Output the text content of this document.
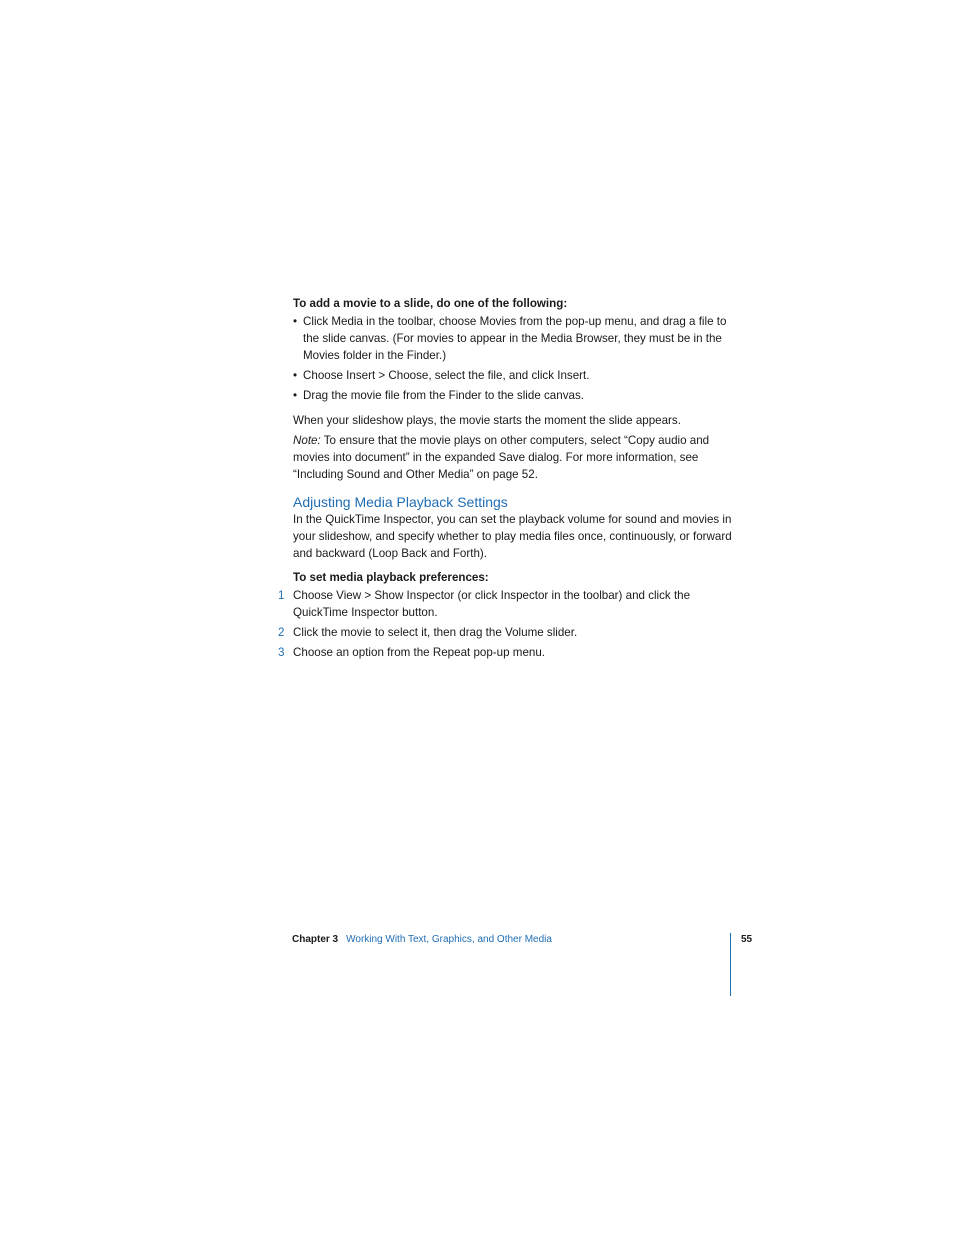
To add a movie to a slide, do one of the following:

• Click Media in the toolbar, choose Movies from the pop-up menu, and drag a file to the slide canvas. (For movies to appear in the Media Browser, they must be in the Movies folder in the Finder.)
• Choose Insert > Choose, select the file, and click Insert.
• Drag the movie file from the Finder to the slide canvas.

When your slideshow plays, the movie starts the moment the slide appears.

Note: To ensure that the movie plays on other computers, select “Copy audio and movies into document” in the expanded Save dialog. For more information, see “Including Sound and Other Media” on page 52.

Adjusting Media Playback Settings

In the QuickTime Inspector, you can set the playback volume for sound and movies in your slideshow, and specify whether to play media files once, continuously, or forward and backward (Loop Back and Forth).

To set media playback preferences:

1 Choose View > Show Inspector (or click Inspector in the toolbar) and click the QuickTime Inspector button.
2 Click the movie to select it, then drag the Volume slider.
3 Choose an option from the Repeat pop-up menu.
Chapter 3 Working With Text, Graphics, and Other Media	55
